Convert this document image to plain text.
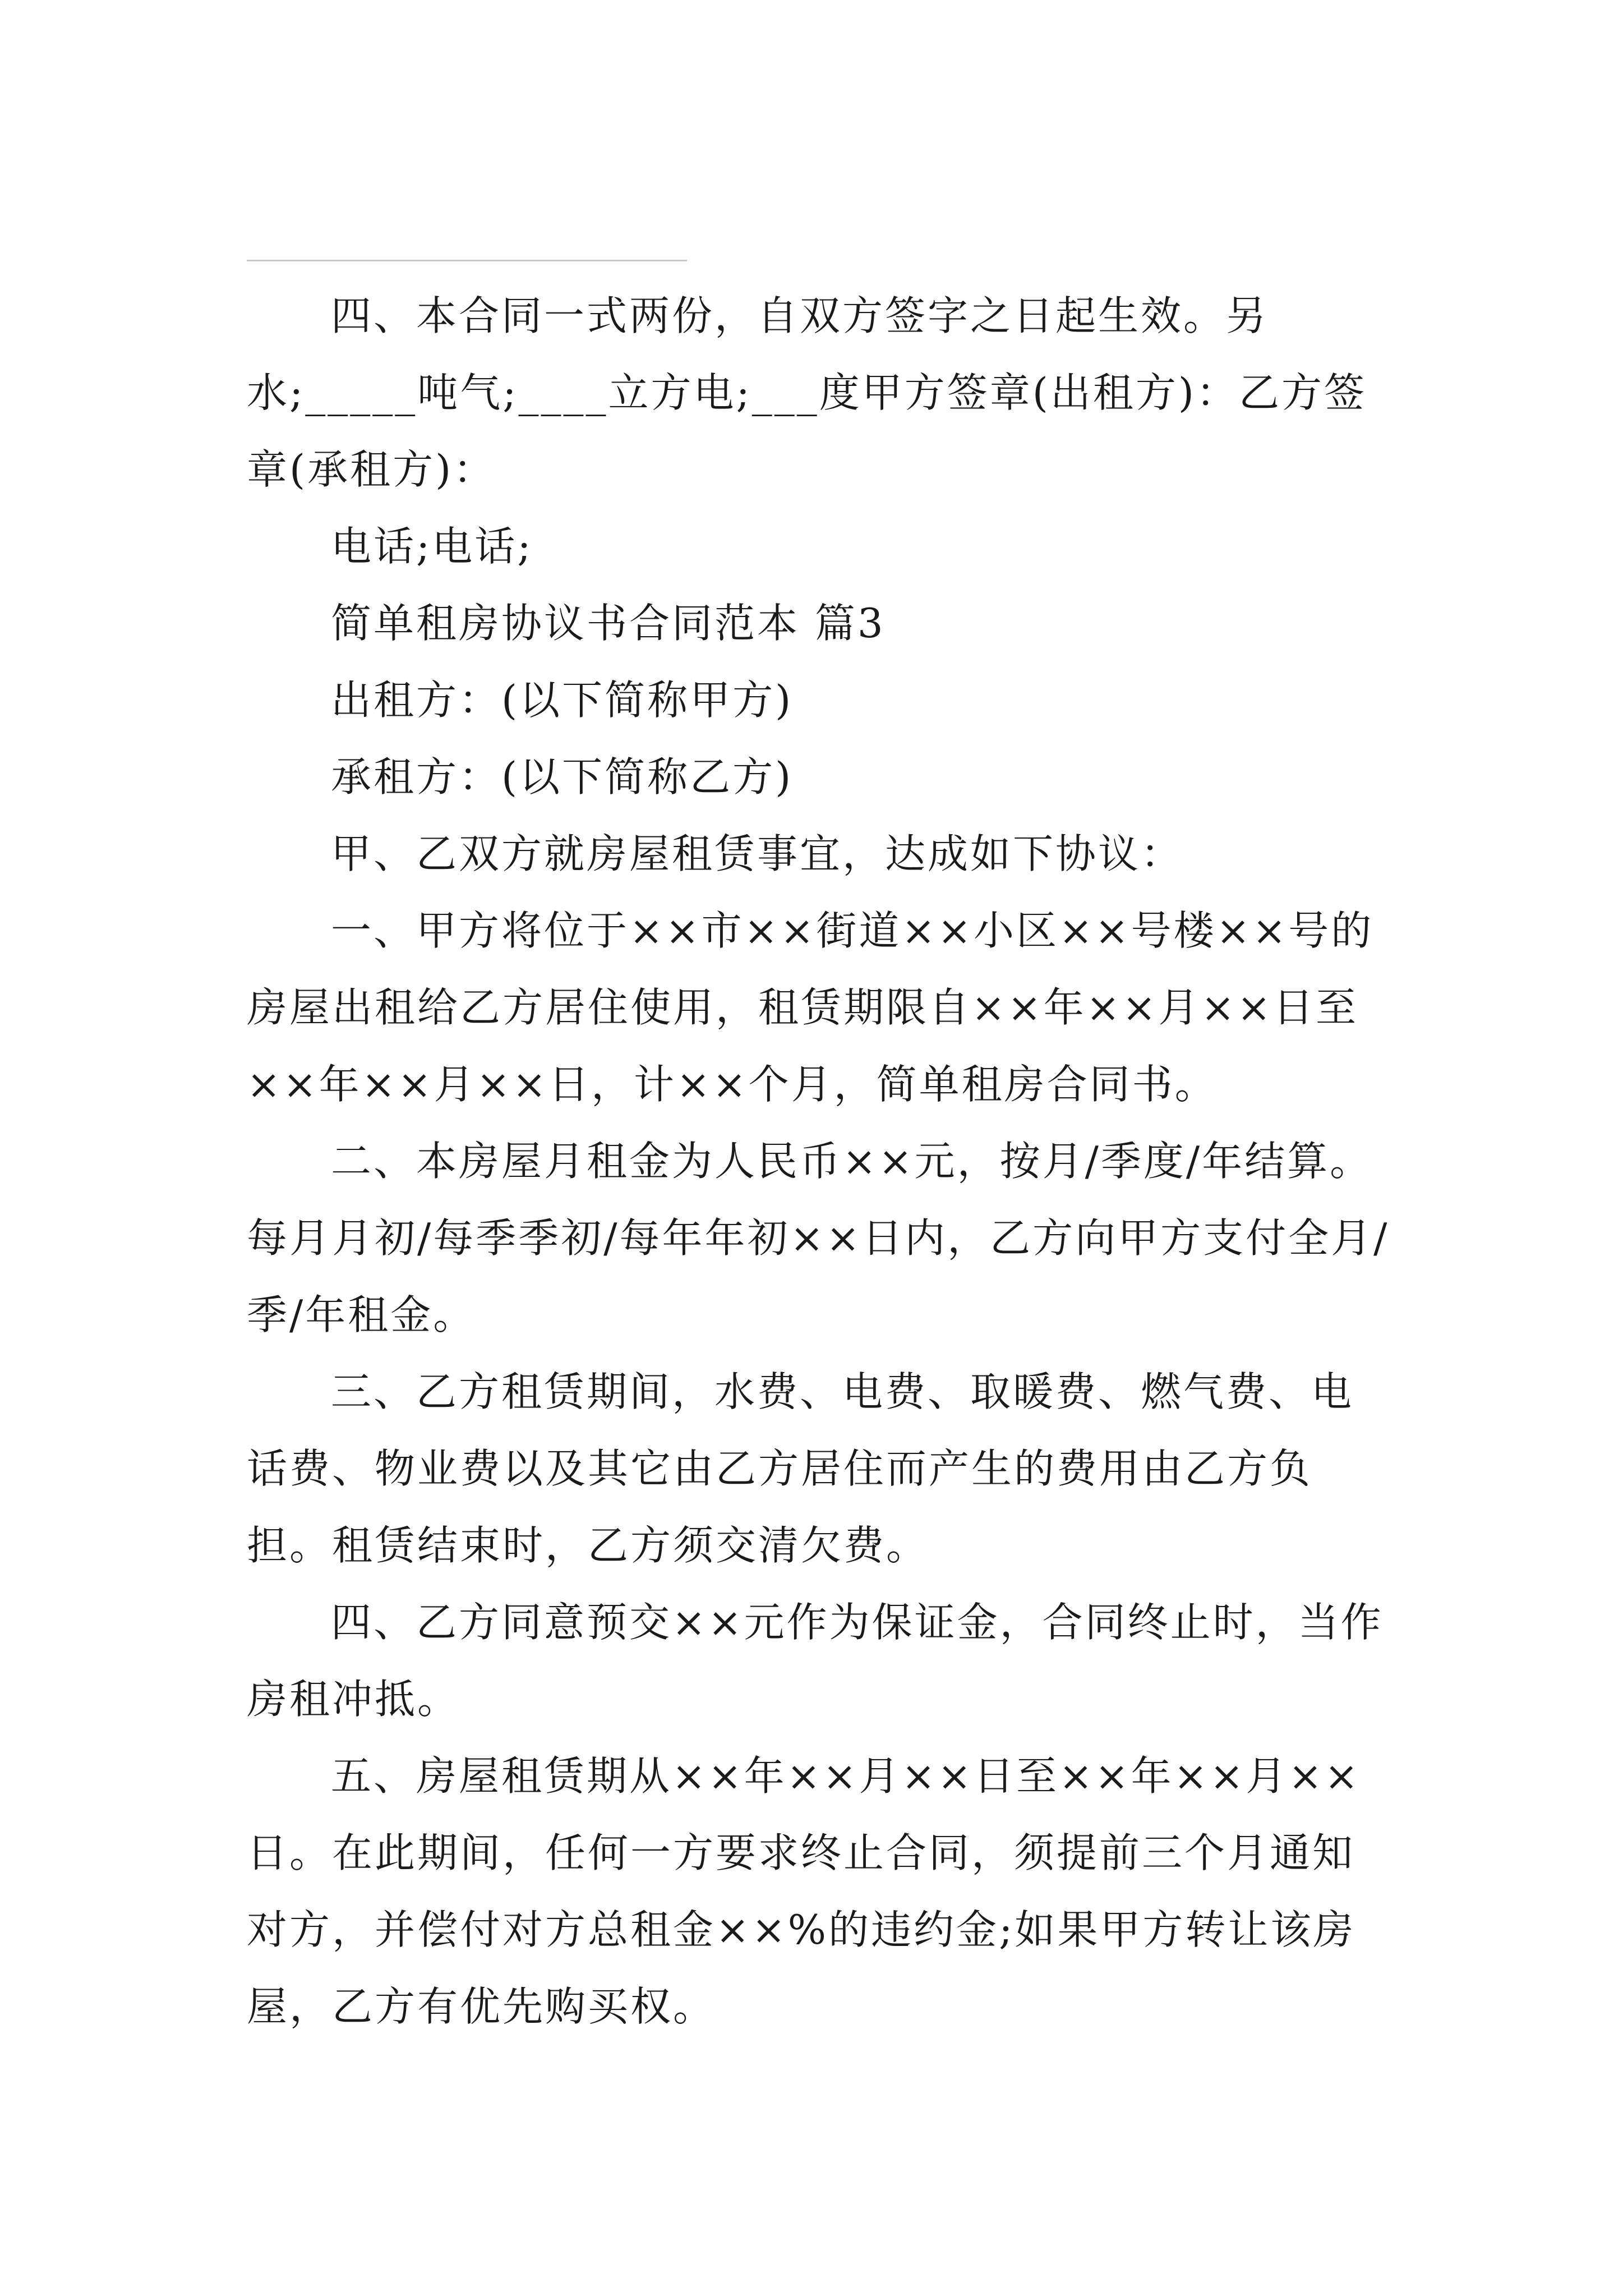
四、本合同一式两份，自双方签字之日起生效。另水;_____吨气;____立方电;___度甲方签章(出租方)：乙方签章(承租方)：

电话;电话;

简单租房协议书合同范本 篇3

出租方：(以下简称甲方)

承租方：(以下简称乙方)

甲、乙双方就房屋租赁事宜，达成如下协议：

一、甲方将位于××市××街道××小区××号楼××号的房屋出租给乙方居住使用，租赁期限自××年××月××日至××年××月××日，计××个月，简单租房合同书。

二、本房屋月租金为人民币××元，按月/季度/年结算。每月月初/每季季初/每年年初××日内，乙方向甲方支付全月/季/年租金。

三、乙方租赁期间，水费、电费、取暖费、燃气费、电话费、物业费以及其它由乙方居住而产生的费用由乙方负担。租赁结束时，乙方须交清欠费。

四、乙方同意预交××元作为保证金，合同终止时，当作房租冲抵。

五、房屋租赁期从××年××月××日至××年××月××日。在此期间，任何一方要求终止合同，须提前三个月通知对方，并偿付对方总租金××%的违约金;如果甲方转让该房屋，乙方有优先购买权。
